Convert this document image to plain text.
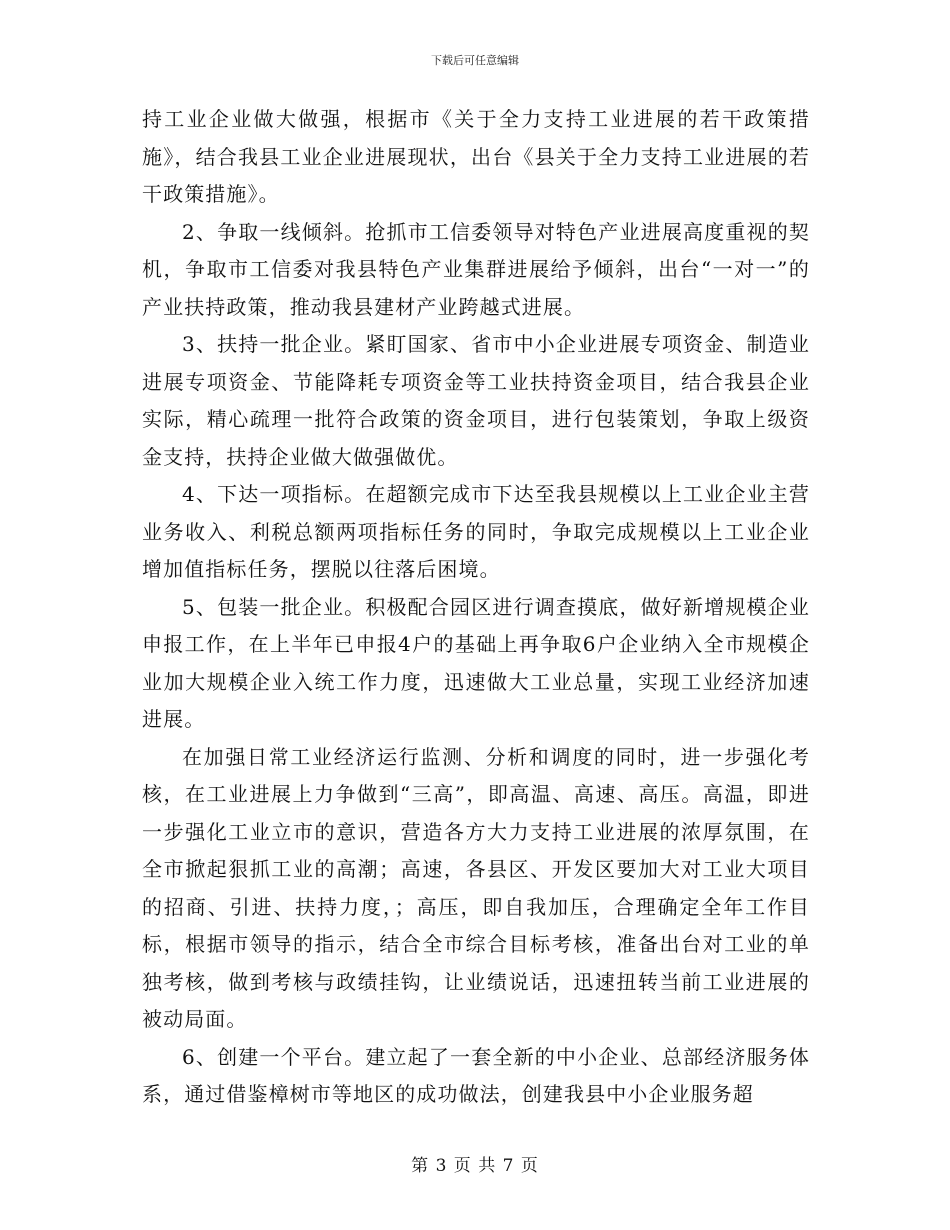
下载后可任意编辑

持工业企业做大做强，根据市《关于全力支持工业进展的若干政策措施》，结合我县工业企业进展现状，出台《县关于全力支持工业进展的若干政策措施》。

2、争取一线倾斜。抢抓市工信委领导对特色产业进展高度重视的契机，争取市工信委对我县特色产业集群进展给予倾斜，出台“一对一”的产业扶持政策，推动我县建材产业跨越式进展。

3、扶持一批企业。紧盯国家、省市中小企业进展专项资金、制造业进展专项资金、节能降耗专项资金等工业扶持资金项目，结合我县企业实际，精心疏理一批符合政策的资金项目，进行包装策划，争取上级资金支持，扶持企业做大做强做优。

4、下达一项指标。在超额完成市下达至我县规模以上工业企业主营业务收入、利税总额两项指标任务的同时，争取完成规模以上工业企业增加值指标任务，摆脱以往落后困境。

5、包装一批企业。积极配合园区进行调查摸底，做好新增规模企业申报工作，在上半年已申报4户的基础上再争取6户企业纳入全市规模企业加大规模企业入统工作力度，迅速做大工业总量，实现工业经济加速进展。

在加强日常工业经济运行监测、分析和调度的同时，进一步强化考核，在工业进展上力争做到“三高”，即高温、高速、高压。高温，即进一步强化工业立市的意识，营造各方大力支持工业进展的浓厚氛围，在全市掀起狠抓工业的高潮；高速，各县区、开发区要加大对工业大项目的招商、引进、扶持力度，；高压，即自我加压，合理确定全年工作目标，根据市领导的指示，结合全市综合目标考核，准备出台对工业的单独考核，做到考核与政绩挂钩，让业绩说话，迅速扭转当前工业进展的被动局面。

6、创建一个平台。建立起了一套全新的中小企业、总部经济服务体系，通过借鉴樟树市等地区的成功做法，创建我县中小企业服务超

第 3 页 共 7 页
